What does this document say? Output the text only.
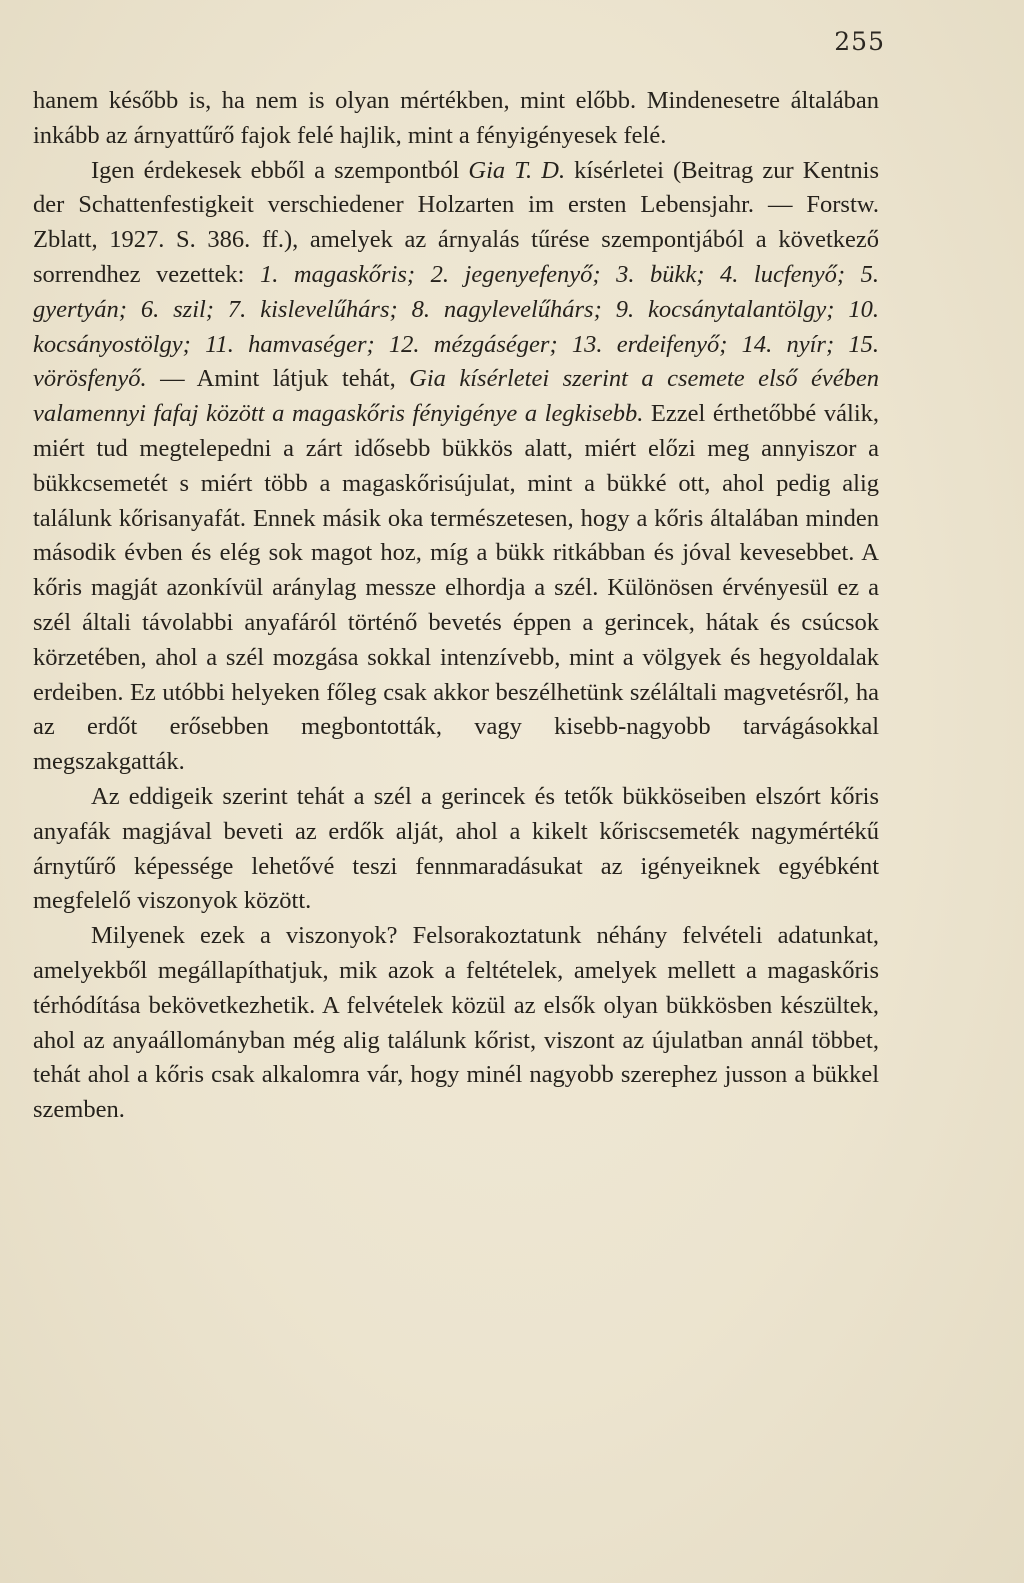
255

hanem később is, ha nem is olyan mértékben, mint előbb. Mindenesetre általában inkább az árnyattűrő fajok felé hajlik, mint a fényigényesek felé.

Igen érdekesek ebből a szempontból Gia T. D. kísérletei (Beitrag zur Kentnis der Schattenfestigkeit verschiedener Holzarten im ersten Lebensjahr. — Forstw. Zblatt, 1927. S. 386. ff.), amelyek az árnyalás tűrése szempontjából a következő sorrendhez vezettek: 1. magaskőris; 2. jegenyefenyő; 3. bükk; 4. lucfenyő; 5. gyertyán; 6. szil; 7. kislevelűhárs; 8. nagylevelűhárs; 9. kocsánytalantölgy; 10. kocsányostölgy; 11. hamvaséger; 12. mézgáséger; 13. erdeifenyő; 14. nyír; 15. vörösfenyő. — Amint látjuk tehát, Gia kísérletei szerint a csemete első évében valamennyi fafaj között a magaskőris fényigénye a legkisebb. Ezzel érthetőbbé válik, miért tud megtelepedni a zárt idősebb bükkös alatt, miért előzi meg annyiszor a bükkcsemetét s miért több a magaskőrisújulat, mint a bükké ott, ahol pedig alig találunk kőrisanyafát. Ennek másik oka természetesen, hogy a kőris általában minden második évben és elég sok magot hoz, míg a bükk ritkábban és jóval kevesebbet. A kőris magját azonkívül aránylag messze elhordja a szél. Különösen érvényesül ez a szél általi távolabbi anyafáról történő bevetés éppen a gerincek, hátak és csúcsok körzetében, ahol a szél mozgása sokkal intenzívebb, mint a völgyek és hegyoldalak erdeiben. Ez utóbbi helyeken főleg csak akkor beszélhetünk széláltali magvetésről, ha az erdőt erősebben megbontották, vagy kisebb-nagyobb tarvágásokkal megszakgatták.

Az eddigeik szerint tehát a szél a gerincek és tetők bükköseiben elszórt kőris anyafák magjával beveti az erdők alját, ahol a kikelt kőriscsemeték nagymértékű árnytűrő képessége lehetővé teszi fennmaradásukat az igényeiknek egyébként megfelelő viszonyok között.

Milyenek ezek a viszonyok? Felsorakoztatunk néhány felvételi adatunkat, amelyekből megállapíthatjuk, mik azok a feltételek, amelyek mellett a magaskőris térhódítása bekövetkezhetik. A felvételek közül az elsők olyan bükkösben készültek, ahol az anyaállományban még alig találunk kőrist, viszont az újulatban annál többet, tehát ahol a kőris csak alkalomra vár, hogy minél nagyobb szerephez jusson a bükkel szemben.
